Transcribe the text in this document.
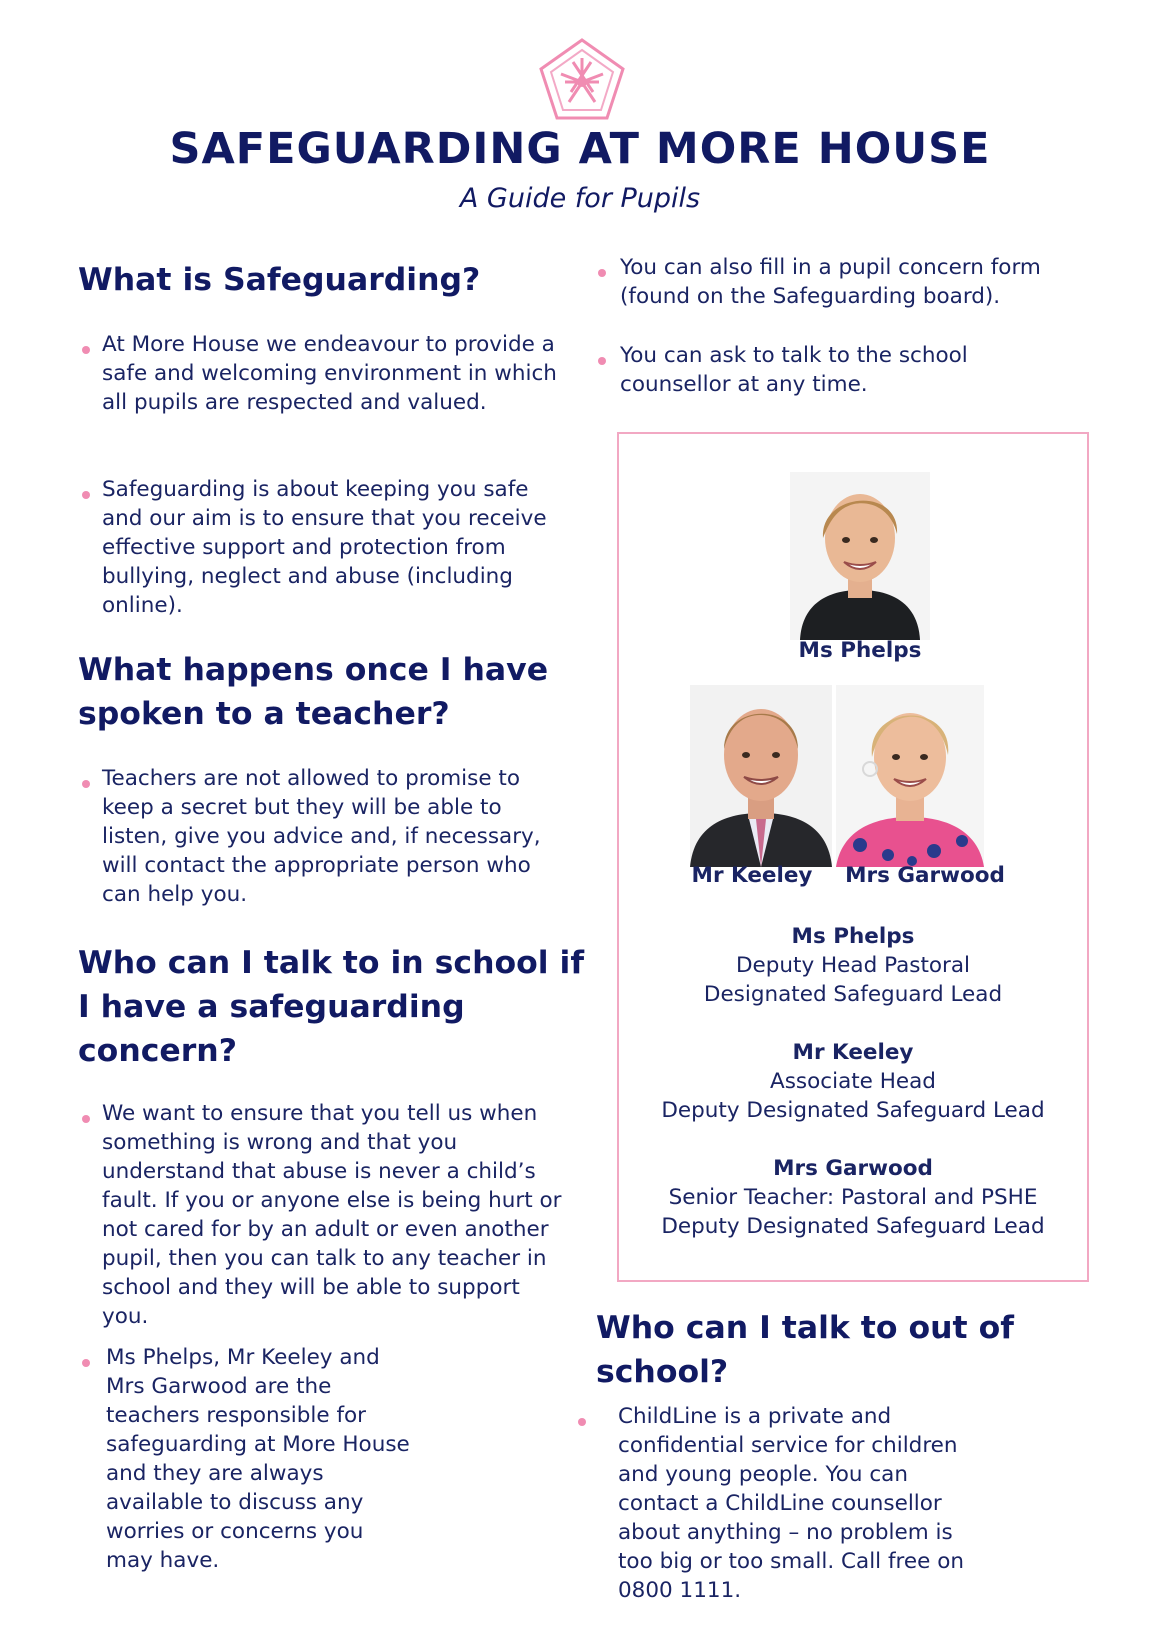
SAFEGUARDING AT MORE HOUSE

A Guide for Pupils

What is Safeguarding?

At More House we endeavour to provide a safe and welcoming environment in which all pupils are respected and valued.

Safeguarding is about keeping you safe and our aim is to ensure that you receive effective support and protection from bullying, neglect and abuse (including online).

What happens once I have spoken to a teacher?

Teachers are not allowed to promise to keep a secret but they will be able to listen, give you advice and, if necessary, will contact the appropriate person who can help you.

Who can I talk to in school if I have a safeguarding concern?

We want to ensure that you tell us when something is wrong and that you understand that abuse is never a child’s fault. If you or anyone else is being hurt or not cared for by an adult or even another pupil, then you can talk to any teacher in school and they will be able to support you.

Ms Phelps, Mr Keeley and Mrs Garwood are the teachers responsible for safeguarding at More House and they are always available to discuss any worries or concerns you may have.

You can also fill in a pupil concern form (found on the Safeguarding board).

You can ask to talk to the school counsellor at any time.

Ms Phelps
Mr Keeley	Mrs Garwood
Ms Phelps
Deputy Head Pastoral
Designated Safeguard Lead
Mr Keeley
Associate Head
Deputy Designated Safeguard Lead
Mrs Garwood
Senior Teacher: Pastoral and PSHE
Deputy Designated Safeguard Lead
Who can I talk to out of school?

ChildLine is a private and confidential service for children and young people. You can contact a ChildLine counsellor about anything – no problem is too big or too small. Call free on 0800 1111.
